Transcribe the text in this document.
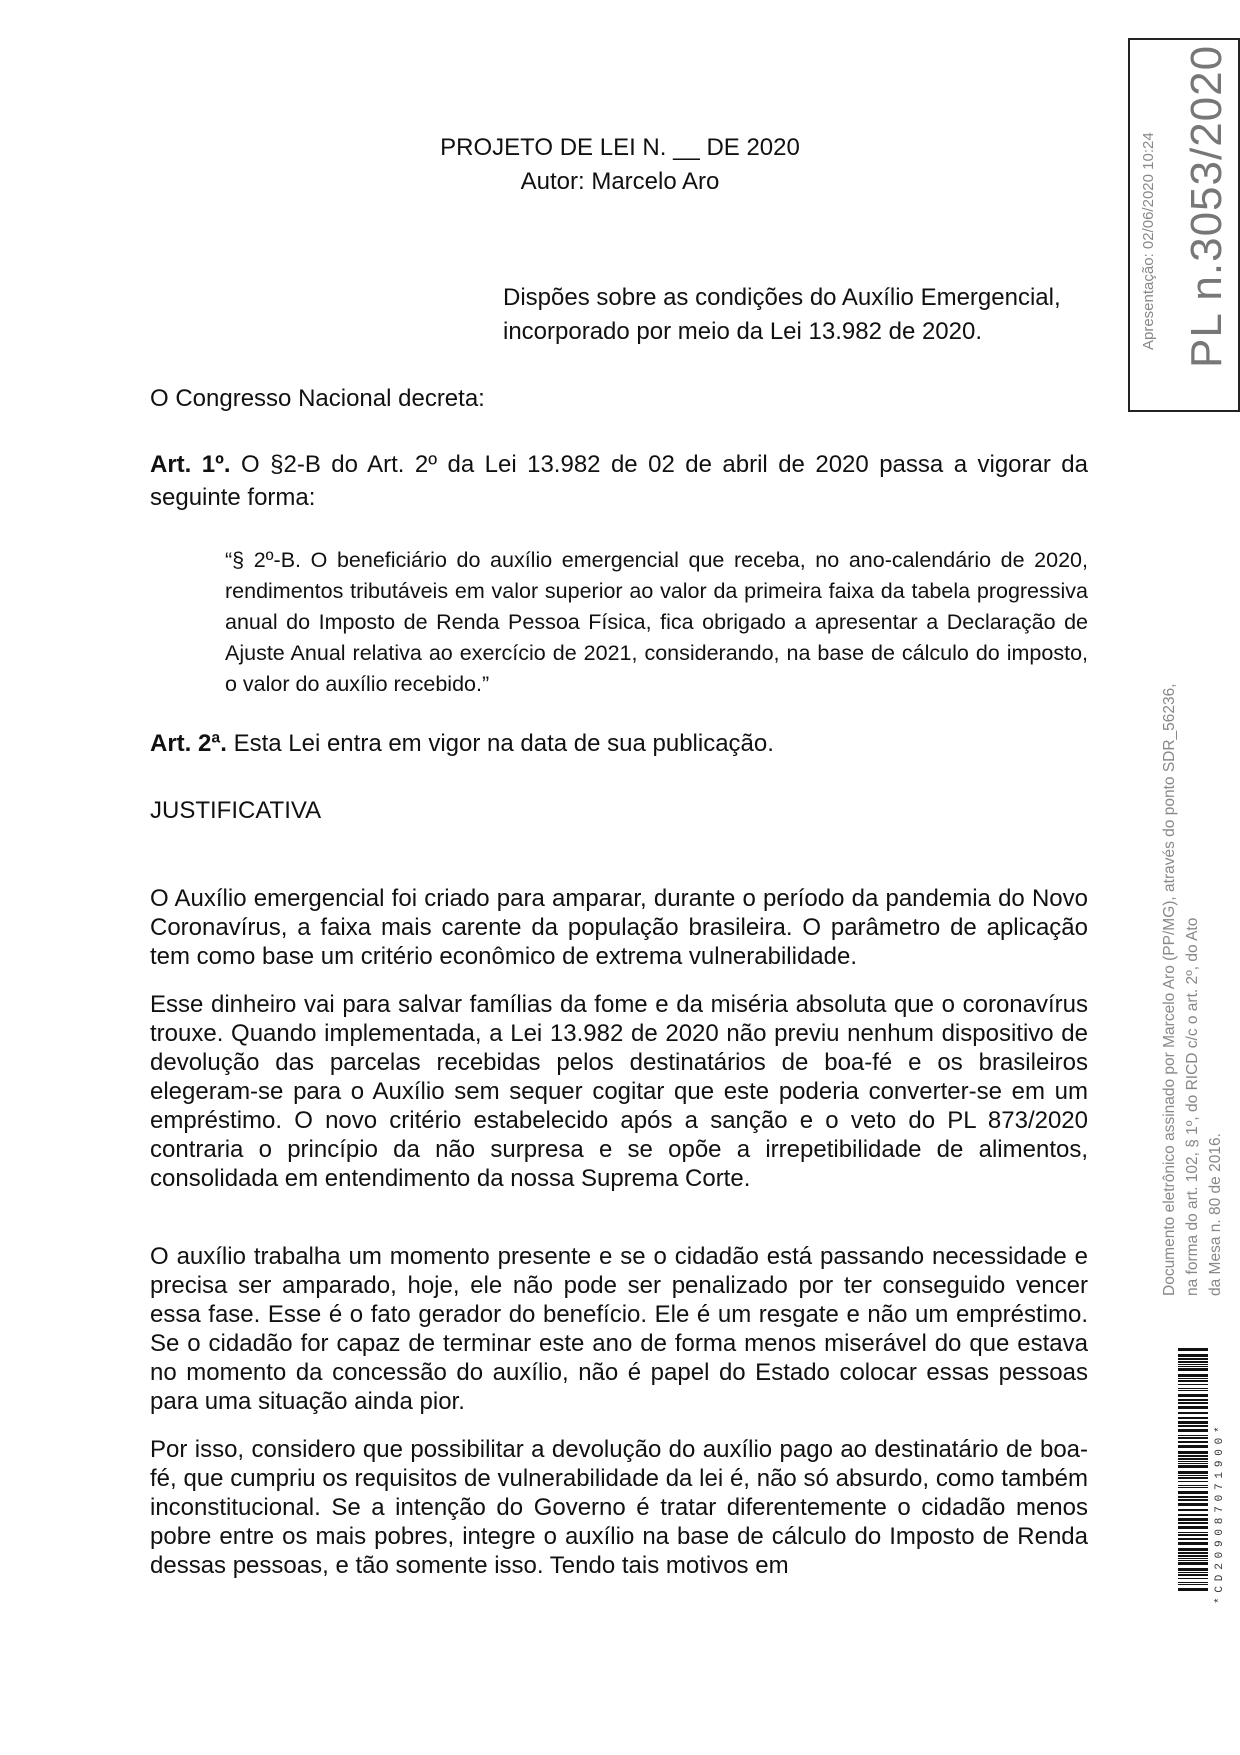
PROJETO DE LEI N. __ DE 2020
Autor: Marcelo Aro
Dispões sobre as condições do Auxílio Emergencial,
incorporado por meio da Lei 13.982 de 2020.
O Congresso Nacional decreta:
Art. 1º. O §2-B do Art. 2º da Lei 13.982 de 02 de abril de 2020 passa a vigorar da seguinte forma:
“§ 2º-B. O beneficiário do auxílio emergencial que receba, no ano-calendário de 2020, rendimentos tributáveis em valor superior ao valor da primeira faixa da tabela progressiva anual do Imposto de Renda Pessoa Física, fica obrigado a apresentar a Declaração de Ajuste Anual relativa ao exercício de 2021, considerando, na base de cálculo do imposto, o valor do auxílio recebido.”
Art. 2ª. Esta Lei entra em vigor na data de sua publicação.
JUSTIFICATIVA
O Auxílio emergencial foi criado para amparar, durante o período da pandemia do Novo Coronavírus, a faixa mais carente da população brasileira. O parâmetro de aplicação tem como base um critério econômico de extrema vulnerabilidade.
Esse dinheiro vai para salvar famílias da fome e da miséria absoluta que o coronavírus trouxe. Quando implementada, a Lei 13.982 de 2020 não previu nenhum dispositivo de devolução das parcelas recebidas pelos destinatários de boa-fé e os brasileiros elegeram-se para o Auxílio sem sequer cogitar que este poderia converter-se em um empréstimo. O novo critério estabelecido após a sanção e o veto do PL 873/2020 contraria o princípio da não surpresa e se opõe a irrepetibilidade de alimentos, consolidada em entendimento da nossa Suprema Corte.
O auxílio trabalha um momento presente e se o cidadão está passando necessidade e precisa ser amparado, hoje, ele não pode ser penalizado por ter conseguido vencer essa fase. Esse é o fato gerador do benefício. Ele é um resgate e não um empréstimo. Se o cidadão for capaz de terminar este ano de forma menos miserável do que estava no momento da concessão do auxílio, não é papel do Estado colocar essas pessoas para uma situação ainda pior.
Por isso, considero que possibilitar a devolução do auxílio pago ao destinatário de boa-fé, que cumpriu os requisitos de vulnerabilidade da lei é, não só absurdo, como também inconstitucional. Se a intenção do Governo é tratar diferentemente o cidadão menos pobre entre os mais pobres, integre o auxílio na base de cálculo do Imposto de Renda dessas pessoas, e tão somente isso. Tendo tais motivos em
Apresentação: 02/06/2020 10:24 PL n.3053/2020
Documento eletrônico assinado por Marcelo Aro (PP/MG), através do ponto SDR_56236, na forma do art. 102, § 1º, do RICD c/c o art. 2º, do Ato da Mesa n. 80 de 2016.
*CD209087071900*
